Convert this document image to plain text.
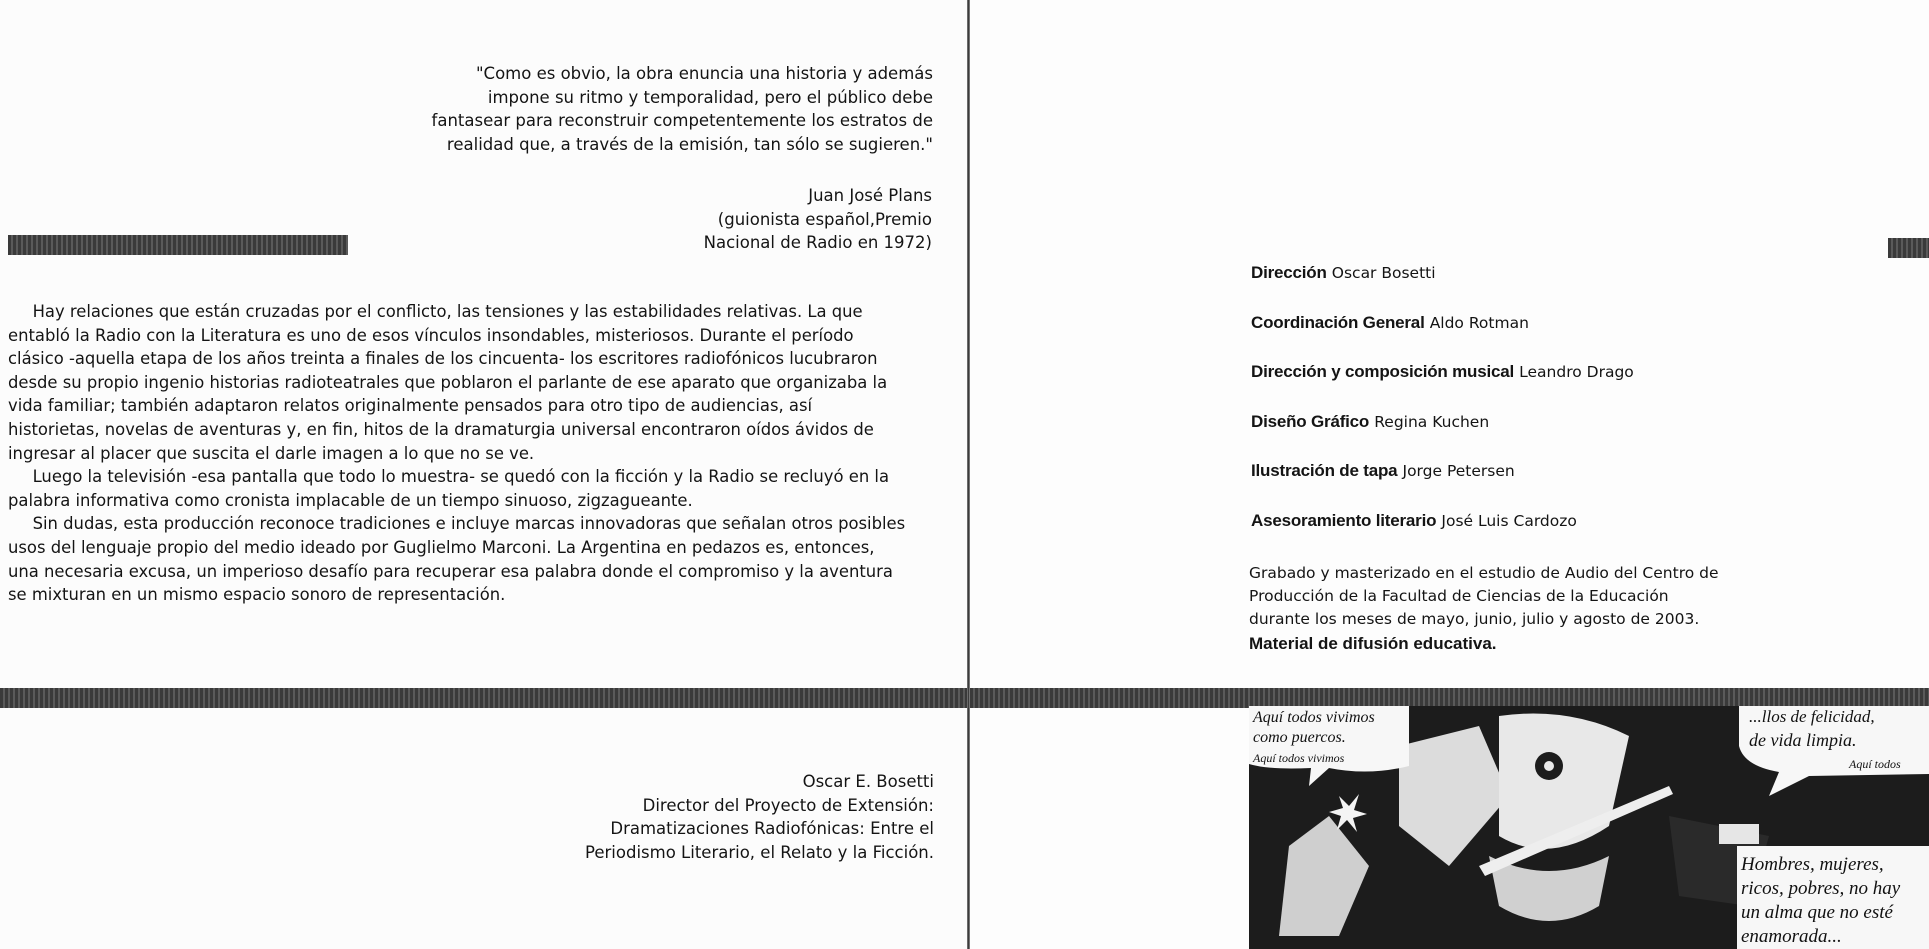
"Como es obvio, la obra enuncia una historia y además
impone su ritmo y temporalidad, pero el público debe
fantasear para reconstruir competentemente los estratos de
realidad que, a través de la emisión, tan sólo se sugieren."
Juan José Plans
(guionista español,Premio
Nacional de Radio en 1972)

Hay relaciones que están cruzadas por el conflicto, las tensiones y las estabilidades relativas. La que entabló la Radio con la Literatura es uno de esos vínculos insondables, misteriosos. Durante el período clásico -aquella etapa de los años treinta a finales de los cincuenta- los escritores radiofónicos lucubraron desde su propio ingenio historias radioteatrales que poblaron el parlante de ese aparato que organizaba la vida familiar; también adaptaron relatos originalmente pensados para otro tipo de audiencias, así historietas, novelas de aventuras y, en fin, hitos de la dramaturgia universal encontraron oídos ávidos de ingresar al placer que suscita el darle imagen a lo que no se ve.

Luego la televisión -esa pantalla que todo lo muestra- se quedó con la ficción y la Radio se recluyó en la palabra informativa como cronista implacable de un tiempo sinuoso, zigzagueante.

Sin dudas, esta producción reconoce tradiciones e incluye marcas innovadoras que señalan otros posibles usos del lenguaje propio del medio ideado por Guglielmo Marconi. La Argentina en pedazos es, entonces, una necesaria excusa, un imperioso desafío para recuperar esa palabra donde el compromiso y la aventura se mixturan en un mismo espacio sonoro de representación.

Oscar E. Bosetti
Director del Proyecto de Extensión:
Dramatizaciones Radiofónicas: Entre el
Periodismo Literario, el Relato y la Ficción.
Dirección Oscar Bosetti
Coordinación General Aldo Rotman
Dirección y composición musical Leandro Drago
Diseño Gráfico Regina Kuchen
Ilustración de tapa Jorge Petersen
Asesoramiento literario José Luis Cardozo
Grabado y masterizado en el estudio de Audio del Centro de
Producción de la Facultad de Ciencias de la Educación
durante los meses de mayo, junio, julio y agosto de 2003.
Material de difusión educativa.
Aquí todos vivimos
como puercos.
Aquí todos vivimos
...llos de felicidad,
de vida limpia.
Aquí todos
Hombres, mujeres,
ricos, pobres, no hay
un alma que no esté
enamorada...
